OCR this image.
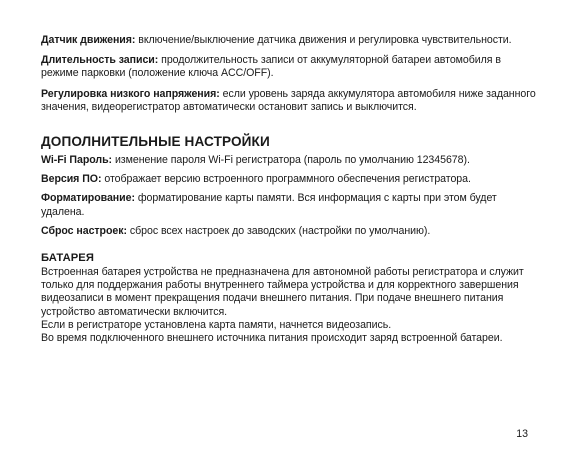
Датчик движения: включение/выключение датчика движения и регулировка чувствительности.

Длительность записи: продолжительность записи от аккумуляторной батареи автомобиля в режиме парковки (положение ключа ACC/OFF).

Регулировка низкого напряжения: если уровень заряда аккумулятора автомобиля ниже заданного значения, видеорегистратор автоматически остановит запись и выключится.

ДОПОЛНИТЕЛЬНЫЕ НАСТРОЙКИ

Wi-Fi Пароль: изменение пароля Wi-Fi регистратора (пароль по умолчанию 12345678).

Версия ПО: отображает версию встроенного программного обеспечения регистратора.

Форматирование: форматирование карты памяти. Вся информация с карты при этом будет удалена.

Сброс настроек: сброс всех настроек до заводских (настройки по умолчанию).

БАТАРЕЯ
Встроенная батарея устройства не предназначена для автономной работы регистратора и служит только для поддержания работы внутреннего таймера устройства и для корректного завершения видеозаписи в момент прекращения подачи внешнего питания. При подаче внешнего питания устройство автоматически включится.
Если в регистраторе установлена карта памяти, начнется видеозапись.
Во время подключенного внешнего источника питания происходит заряд встроенной батареи.
13
